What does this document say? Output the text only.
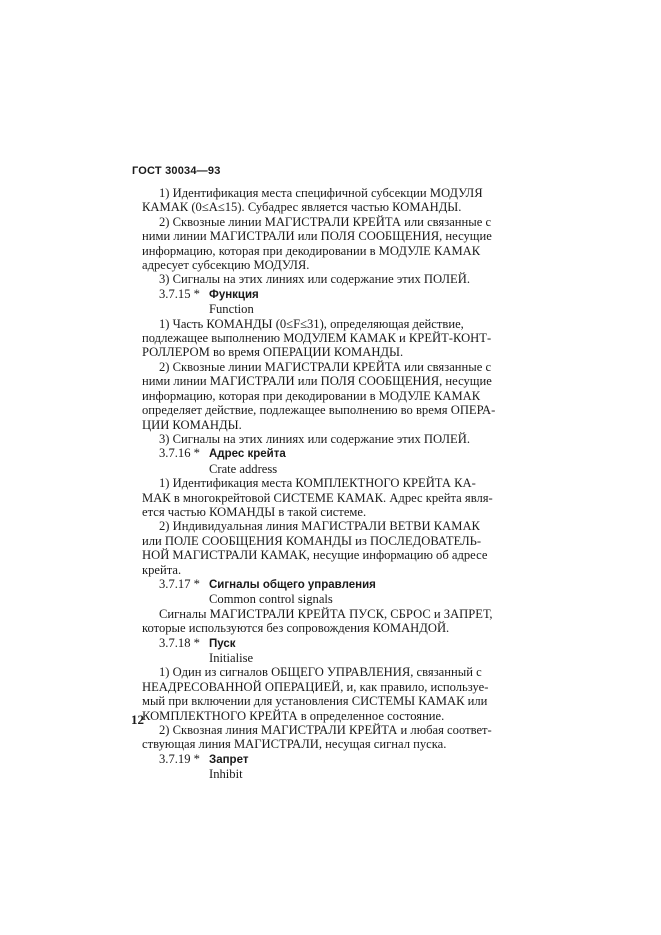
ГОСТ 30034—93

1) Идентификация места специфичной субсекции МОДУЛЯ
КАМАК (0≤А≤15). Субадрес является частью КОМАНДЫ.

2) Сквозные линии МАГИСТРАЛИ КРЕЙТА или связанные с
ними линии МАГИСТРАЛИ или ПОЛЯ СООБЩЕНИЯ, несущие
информацию, которая при декодировании в МОДУЛЕ КАМАК
адресует субсекцию МОДУЛЯ.

3) Сигналы на этих линиях или содержание этих ПОЛЕЙ.

3.7.15 * Функция
Function

1) Часть КОМАНДЫ (0≤F≤31), определяющая действие,
подлежащее выполнению МОДУЛЕМ КАМАК и КРЕЙТ-КОНТ-
РОЛЛЕРОМ во время ОПЕРАЦИИ КОМАНДЫ.

2) Сквозные линии МАГИСТРАЛИ КРЕЙТА или связанные с
ними линии МАГИСТРАЛИ или ПОЛЯ СООБЩЕНИЯ, несущие
информацию, которая при декодировании в МОДУЛЕ КАМАК
определяет действие, подлежащее выполнению во время ОПЕРА-
ЦИИ КОМАНДЫ.

3) Сигналы на этих линиях или содержание этих ПОЛЕЙ.

3.7.16 * Адрес крейта
Crate address

1) Идентификация места КОМПЛЕКТНОГО КРЕЙТА КА-
МАК в многокрейтовой СИСТЕМЕ КАМАК. Адрес крейта явля-
ется частью КОМАНДЫ в такой системе.

2) Индивидуальная линия МАГИСТРАЛИ ВЕТВИ КАМАК
или ПОЛЕ СООБЩЕНИЯ КОМАНДЫ из ПОСЛЕДОВАТЕЛЬ-
НОЙ МАГИСТРАЛИ КАМАК, несущие информацию об адресе
крейта.

3.7.17 * Сигналы общего управления
Common control signals

Сигналы МАГИСТРАЛИ КРЕЙТА ПУСК, СБРОС и ЗАПРЕТ,
которые используются без сопровождения КОМАНДОЙ.

3.7.18 * Пуск
Initialise

1) Один из сигналов ОБЩЕГО УПРАВЛЕНИЯ, связанный с
НЕАДРЕСОВАННОЙ ОПЕРАЦИЕЙ, и, как правило, используе-
мый при включении для установления СИСТЕМЫ КАМАК или
КОМПЛЕКТНОГО КРЕЙТА в определенное состояние.

2) Сквозная линия МАГИСТРАЛИ КРЕЙТА и любая соответ-
ствующая линия МАГИСТРАЛИ, несущая сигнал пуска.

3.7.19 * Запрет
Inhibit
12
